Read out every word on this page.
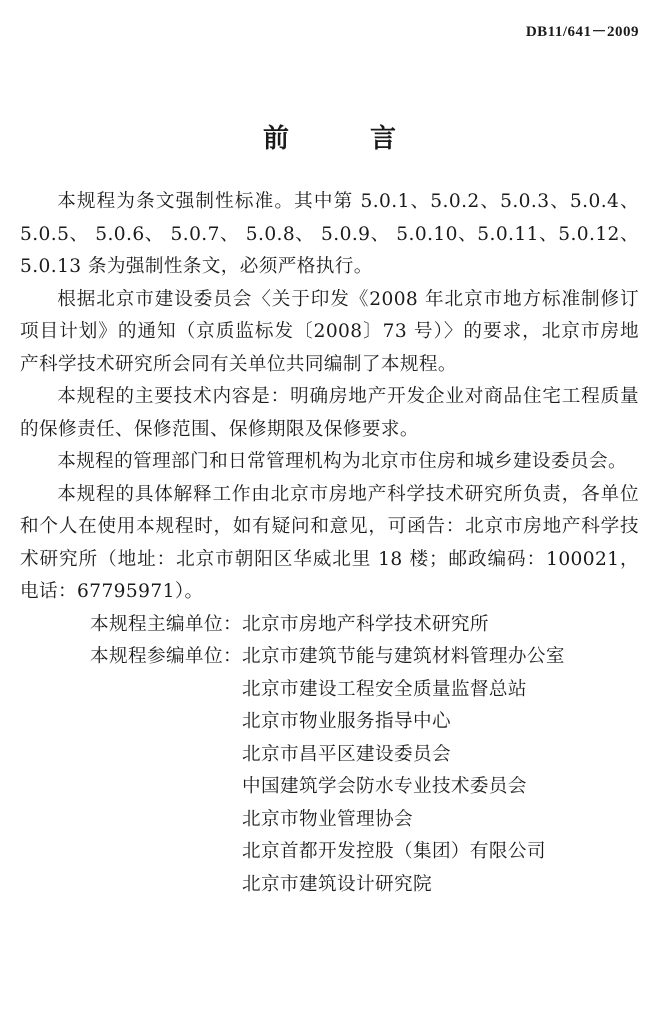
DB11/641－2009
前 言

本规程为条文强制性标准。其中第 5.0.1、5.0.2、5.0.3、5.0.4、 5.0.5、 5.0.6、 5.0.7、 5.0.8、 5.0.9、 5.0.10、5.0.11、5.0.12、5.0.13 条为强制性条文，必须严格执行。

根据北京市建设委员会〈关于印发《2008 年北京市地方标准制修订项目计划》的通知（京质监标发〔2008〕73 号）〉的要求，北京市房地产科学技术研究所会同有关单位共同编制了本规程。

本规程的主要技术内容是：明确房地产开发企业对商品住宅工程质量的保修责任、保修范围、保修期限及保修要求。

本规程的管理部门和日常管理机构为北京市住房和城乡建设委员会。

本规程的具体解释工作由北京市房地产科学技术研究所负责，各单位和个人在使用本规程时，如有疑问和意见，可函告：北京市房地产科学技术研究所（地址：北京市朝阳区华威北里 18 楼；邮政编码：100021，电话：67795971）。

本规程主编单位： 北京市房地产科学技术研究所
本规程参编单位： 北京市建筑节能与建筑材料管理办公室
北京市建设工程安全质量监督总站
北京市物业服务指导中心
北京市昌平区建设委员会
中国建筑学会防水专业技术委员会
北京市物业管理协会
北京首都开发控股（集团）有限公司
北京市建筑设计研究院
